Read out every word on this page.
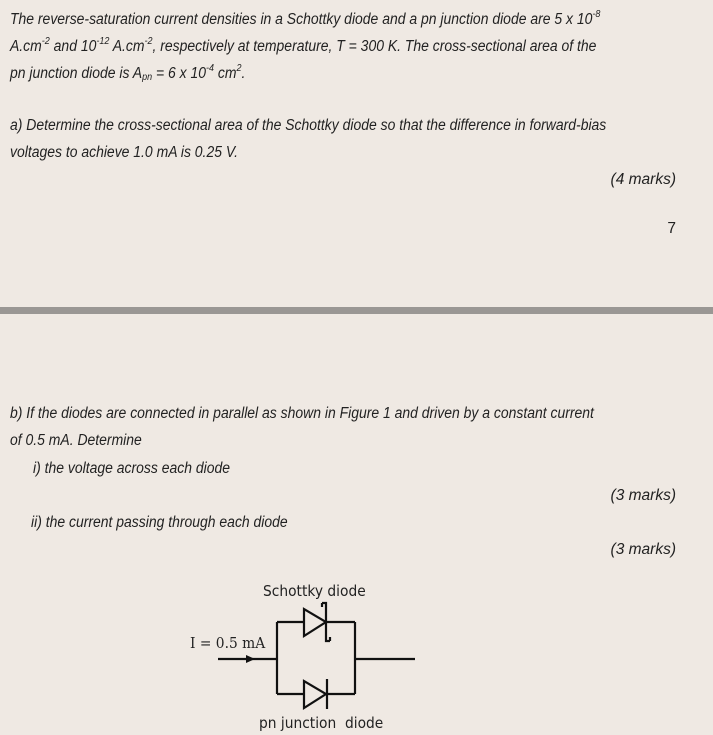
The reverse-saturation current densities in a Schottky diode and a pn junction diode are 5 x $10^{-8}$
$A.cm^{-2}$ and $10^{-12}$ $A.cm^{-2}$, respectively at temperature, T = 300 K. The cross-sectional area of the
pn junction diode is $A_{pn} = 6$ x $10^{-4}$ $cm^2$.
a) Determine the cross-sectional area of the Schottky diode so that the difference in forward-bias
voltages to achieve 1.0 mA is 0.25 V.
(4 marks)
7
b) If the diodes are connected in parallel as shown in Figure 1 and driven by a constant current
of 0.5 mA. Determine
i) the voltage across each diode
(3 marks)
ii) the current passing through each diode
(3 marks)
Schottky diode
I = 0.5 mA
pn junction  diode
